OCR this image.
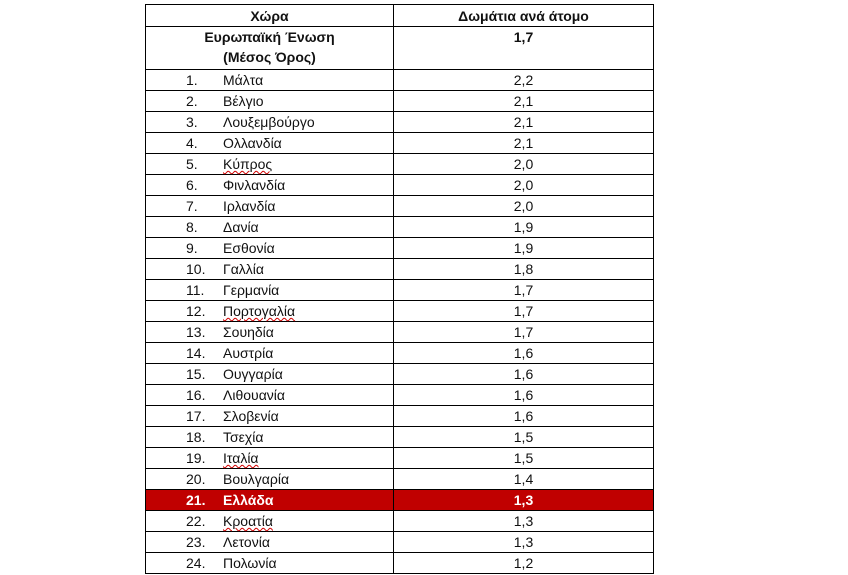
Χώρα	Δωμάτια ανά άτομο

Ευρωπαϊκή Ένωση
(Μέσος Όρος)	1,7
1. Μάλτα	2,2
2. Βέλγιο	2,1
3. Λουξεμβούργο	2,1
4. Ολλανδία	2,1
5. Κύπρος	2,0
6. Φινλανδία	2,0
7. Ιρλανδία	2,0
8. Δανία	1,9
9. Εσθονία	1,9
10. Γαλλία	1,8
11. Γερμανία	1,7
12. Πορτογαλία	1,7
13. Σουηδία	1,7
14. Αυστρία	1,6
15. Ουγγαρία	1,6
16. Λιθουανία	1,6
17. Σλοβενία	1,6
18. Τσεχία	1,5
19. Ιταλία	1,5
20. Βουλγαρία	1,4
21. Ελλάδα	1,3
22. Κροατία	1,3
23. Λετονία	1,3
24. Πολωνία	1,2
